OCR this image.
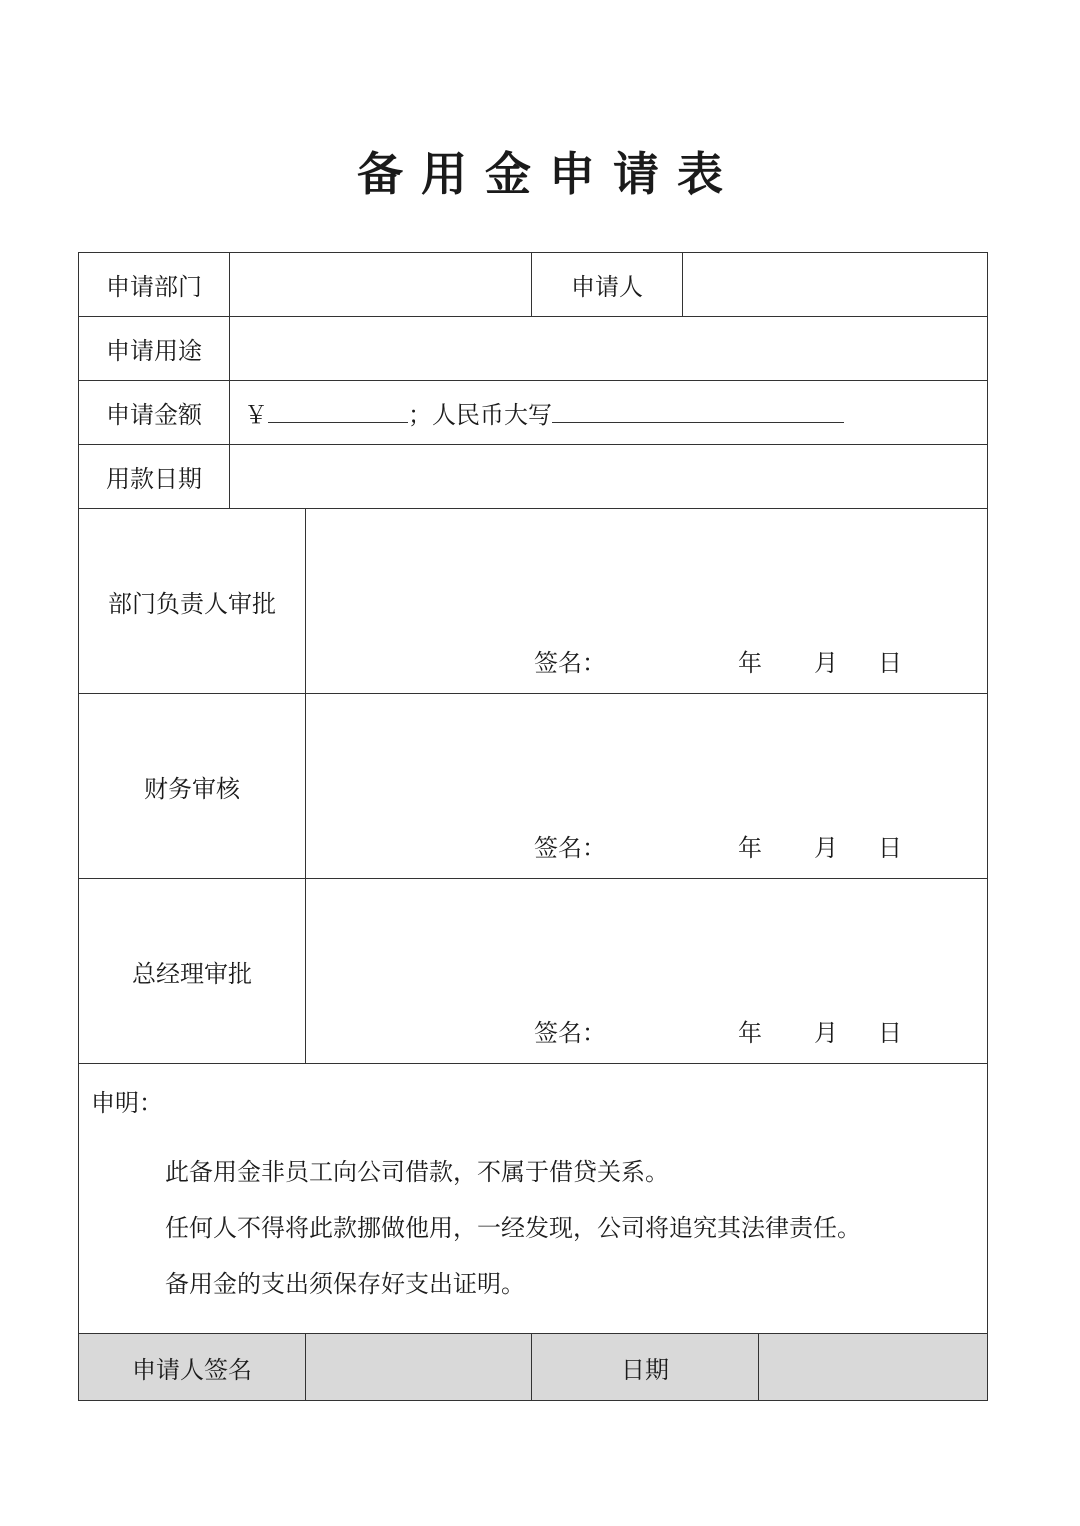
备用金申请表
申请部门			申请人		
申请用途					
申请金额	￥ ；人民币大写				
用款日期					
部门负责人审批		签名： 年 月 日			

财务审核		签名： 年 月 日			

总经理审批		签名： 年 月 日			

申明：
此备用金非员工向公司借款，不属于借贷关系。
任何人不得将此款挪做他用，一经发现，公司将追究其法律责任。
备用金的支出须保存好支出证明。					

申请人签名			日期		
